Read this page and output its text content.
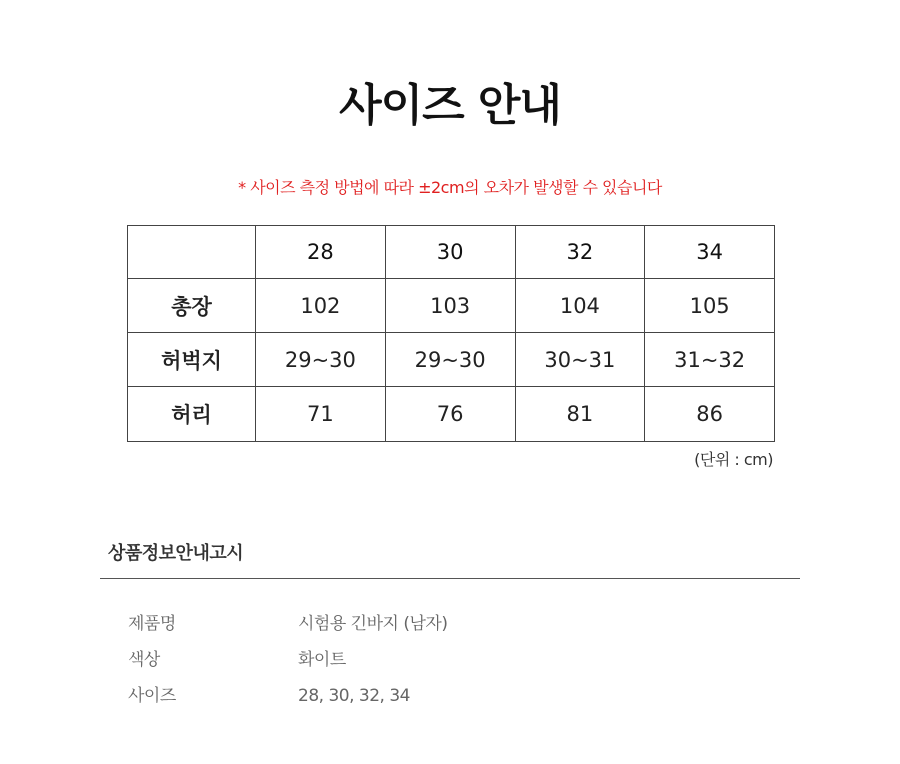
사이즈 안내
* 사이즈 측정 방법에 따라 ±2cm의 오차가 발생할 수 있습니다
	28	30	32	34
총장	102	103	104	105
허벅지	29~30	29~30	30~31	31~32
허리	71	76	81	86
(단위 : cm)
상품정보안내고시
제품명	시험용 긴바지 (남자)
색상	화이트
사이즈	28, 30, 32, 34
